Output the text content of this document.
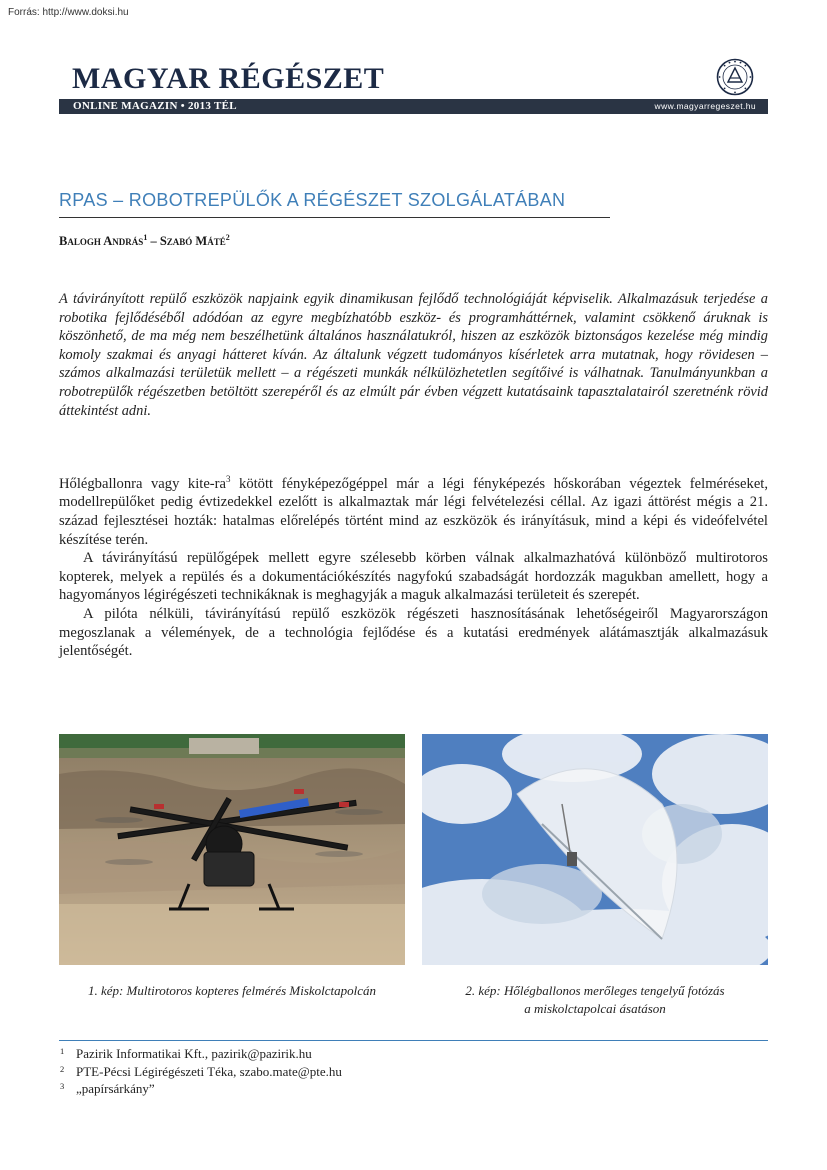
Forrás: http://www.doksi.hu
MAGYAR RÉGÉSZET
ONLINE MAGAZIN • 2013 TÉL	www.magyarregeszet.hu
RPAS – ROBOTREPÜLŐK A RÉGÉSZET SZOLGÁLATÁBAN
Balogh András$^1$ – Szabó Máté$^2$

A távirányított repülő eszközök napjaink egyik dinamikusan fejlődő technológiáját képviselik. Alkalmazásuk terjedése a robotika fejlődéséből adódóan az egyre megbízhatóbb eszköz- és programháttérnek, valamint csökkenő áruknak is köszönhető, de ma még nem beszélhetünk általános használatukról, hiszen az eszközök biztonságos kezelése még mindig komoly szakmai és anyagi hátteret kíván. Az általunk végzett tudományos kísérletek arra mutatnak, hogy rövidesen – számos alkalmazási területük mellett – a régészeti munkák nélkülözhetetlen segítőivé is válhatnak. Tanulmányunkban a robotrepülők régészetben betöltött szerepéről és az elmúlt pár évben végzett kutatásaink tapasztalatairól szeretnénk rövid áttekintést adni.

Hőlégballonra vagy kite-$ra^3$ kötött fényképezőgéppel már a légi fényképezés hőskorában végeztek felméréseket, modellrepülőket pedig évtizedekkel ezelőtt is alkalmaztak már légi felvételezési céllal. Az igazi áttörést mégis a 21. század fejlesztései hozták: hatalmas előrelépés történt mind az eszközök és irányításuk, mind a képi és videófelvétel készítése terén.

A távirányítású repülőgépek mellett egyre szélesebb körben válnak alkalmazhatóvá különböző multirotoros kopterek, melyek a repülés és a dokumentációkészítés nagyfokú szabadságát hordozzák magukban amellett, hogy a hagyományos légirégészeti technikáknak is meghagyják a maguk alkalmazási területeit és szerepét.

A pilóta nélküli, távirányítású repülő eszközök régészeti hasznosításának lehetőségeiről Magyarországon megoszlanak a vélemények, de a technológia fejlődése és a kutatási eredmények alátámasztják alkalmazásuk jelentőségét.

1. kép: Multirotoros kopteres felmérés Miskolctapolcán	2. kép: Hőlégballonos merőleges tengelyű fotózás
a miskolctapolcai ásatáson
1 Pazirik Informatikai Kft., pazirik@pazirik.hu
2 PTE-Pécsi Légirégészeti Téka, szabo.mate@pte.hu
3 „papírsárkány”
